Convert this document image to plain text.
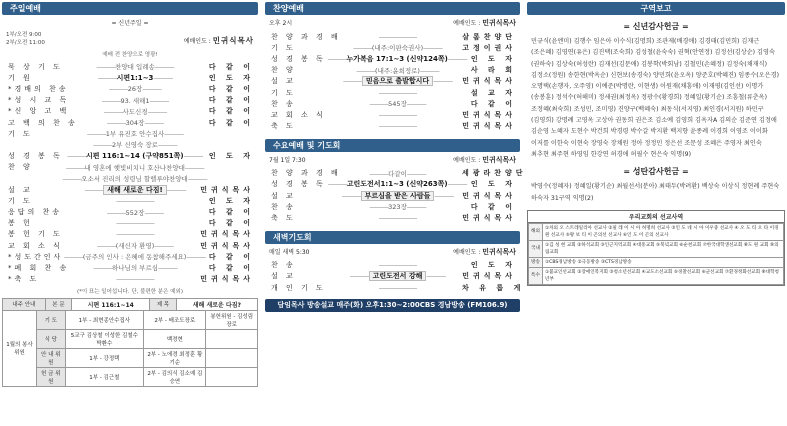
주일예배
= 신년주일 =
1부/오전 9:00
2부/오전 11:00	예배인도 : 민귀식목사
예배 전 찬양으로 영광!
묵 상 기 도	--------------찬양대 입례송--------------	다 같 이
기 원	--------------시편1:1~3--------------	인 도 자
*경배의 찬송	--------------26장--------------	다 같 이
*성 시 교 독	--------------93. 새해1--------------	다 같 이
*신 앙 고 백	--------------사도신경--------------	다 같 이
고 백 의 찬 송	--------------304장--------------	다 같 이
기 도	--------------1부 유진호 안수집사--------------
--------------2부 신영숙 장로--------------
성 경 봉 독 --------------시편 116:1~14 (구약851쪽)-------------- 인 도 자
찬 양	--------------내 영혼에 햇빛비치니 호산나찬양대--------------
--------------오소서 진리의 성령님 할렐루야찬양대--------------
설 교	-------------- 새해 새로운 다짐! --------------	민귀식목사
기 도	----------------------------	인 도 자
응답의 찬송	--------------552장--------------	다 같 이
봉 헌	----------------------------	다 같 이
봉 헌 기 도	----------------------------	민귀식목사
교 회 소 식	--------------(새신자 환영)--------------	민귀식목사
*성도간인사 --------------(금주의 인사 : 은혜에 동참해주세요)-------------- 다 같 이
*폐 회 찬 송	--------------하나님의 부르심--------------	다 같 이
*축 도	----------------------------	민귀식목사
(*이 표는 일어섭니다. 단, 불편한 분은 예외)
내주 안내	본 문	시편 116:1~14	제 목	새해 새로운 다짐?
1월의 봉사위원	기 도	1부 - 최현종안수집사	2부 - 배조도장로	봉헌위원 - 김성림장로
	식 당	5교구 김상철 이성한 김철수 박환수	백경현	
	안 내 위 원	1부 - 강정택	2부 - 노에경 최정훈 황기순	
	헌 금 위 원	1부 - 김근철	2부 - 김의식 김소예 김승연	
찬양예배
오후 2시	예배인도 : 민귀식목사
찬 양 과 경 배	----------------------------	살롬찬양단
기 도	--------------(내주:이판숙권사)--------------	고정이권사
성 경 봉 독 --------------누가복음 17:1~3 (신약124쪽)-------------- 인 도 자
찬 양	--------------(내주:윤희정로)--------------	사 라 회
설 교	-------------- 믿음으로 출발합시다 --------------	민귀식목사
기 도	----------------------------	설 교 자
찬 송	--------------545장--------------	다 같 이
교 회 소 식	----------------------------	민귀식목사
축 도	----------------------------	민귀식목사
수요예배 및 기도회
7월 1일 7:30	예배인도 : 민귀식목사
찬 양 과 경 배	--------------다같이--------------	세광라찬양단
성 경 봉 독 --------------고린도전서1:1~3 (신약263쪽)-------------- 인 도 자
설 교	-------------- 부르심을 받은 사람들 --------------	민귀식목사
찬 송	--------------323장--------------	다 같 이
축 도	----------------------------	민귀식목사
새벽기도회
매일 새벽 5:30	예배인도 : 민귀식목사
찬 송	----------------------------	인 도 자
설 교	-------------- 고린도전서 강해 --------------	민귀식목사
개 인 기 도	----------------------------	차 유 롭 게
담임목사 방송설교 매주(화) 오후1:30~2:00CBS 경남방송 (FM106.9)
구역보고
= 신년감사헌금 =
민규식(윤엔미) 김행수 임은아 이수식(김명희) 조관제(배경애) 김경태(김민희) 김재근(조은혜) 김영연(유은) 김진택(조숙희) 김성철(윤숙숙) 권혁(안연정) 김정선(김상순) 김영숙(권하숙) 김상숙(허성란) 김재선(김문애) 김봉학(박회남) 김철민(손혜정) 김정숙(채재식) 김정소(정원) 송한현(박옥순) 신현보(송경숙) 양민희(윤오옥) 양준호(박혜진) 임종수(오은경) 오명택(손행자, 오주영) 이예준(박명란, 이현생) 이원재(채흥애) 이재평(김인선) 이명가(송봉훈) 정석수(허해미) 정세권(최정옥) 정광수(황경희) 정혜일(황기순) 조흥철(류춘옥) 조정혜(최숙희) 조성민, 조미영) 진양구(백혜숙) 최동식(서지영) 최인경(서지원) 하민구(김영희) 강명례 고영옥 고상아 권동희 권은조 김소예 김영희 김옥자A 김의순 김준연 김정애 김순영 노혜자 도현수 박건희 박경령 박수갈 박지환 백지향 윤종례 이경희 이영조 이이화 이저를 이한숙 이현숙 장영숙 장채원 정아 정정민 정은선 조문성 조혜은 주영자 최인숙 최추현 최주현 하영임 한강연 허경애 허필수 현은숙 익명(9)
= 성탄감사헌금 =
박영수(정혜자) 정혜일(황기순) 최월선서(분아) 최태두(박려환) 백상숙 이상식 정현례 주현숙 하숙자 31구역 익명(2)
우리교회의 선교사역
해외	①차외 오 스트레일리아 선교사 ②필 레 이 시 아 허명희 선교사 ③인 도 네 시 아 이우중 선교사 ④ 오 도 티 오 타 이경원 선교사 ⑤왕 보 티 이 곤의선 선교사 ⑥인 도 이 곤의 선교사
국내	①김 성 현 교회 ②하석교회 ③인근지역교회 ④대흥교회 ⑤북녘교회 ⑥순천교회 ⑦한국대학생선교회 ⑧도 원 교회 ⑨의림교회
방송	①CBS경남방송 ②극동방송 ③CTS경남방송
특수	①불교인선교회 ②장애인복지회 ③청소년선교회 ④교도소선교회 ⑤경찰선교회 ⑥군선교회 ⑦환경정화선교회 ⑧대학청년부
